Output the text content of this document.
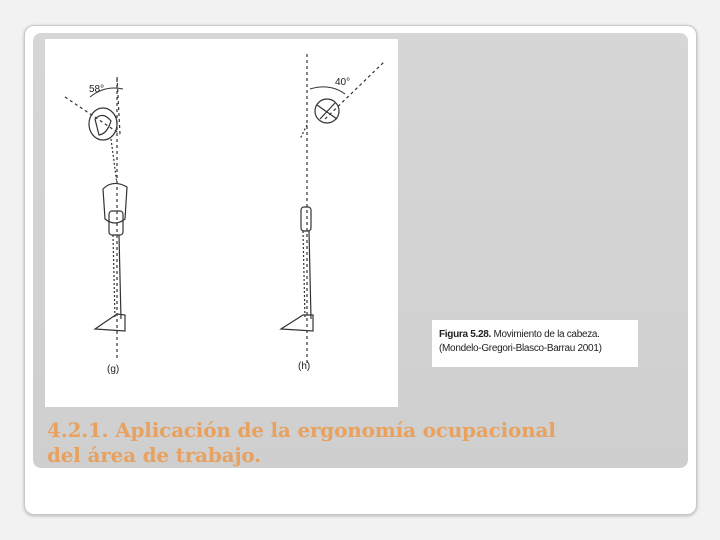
58°
(g)
40°
(h)
Figura 5.28. Movimiento de la cabeza.
(Mondelo-Gregori-Blasco-Barrau 2001)
4.2.1. Aplicación de la ergonomía ocupacional
del área de trabajo.
